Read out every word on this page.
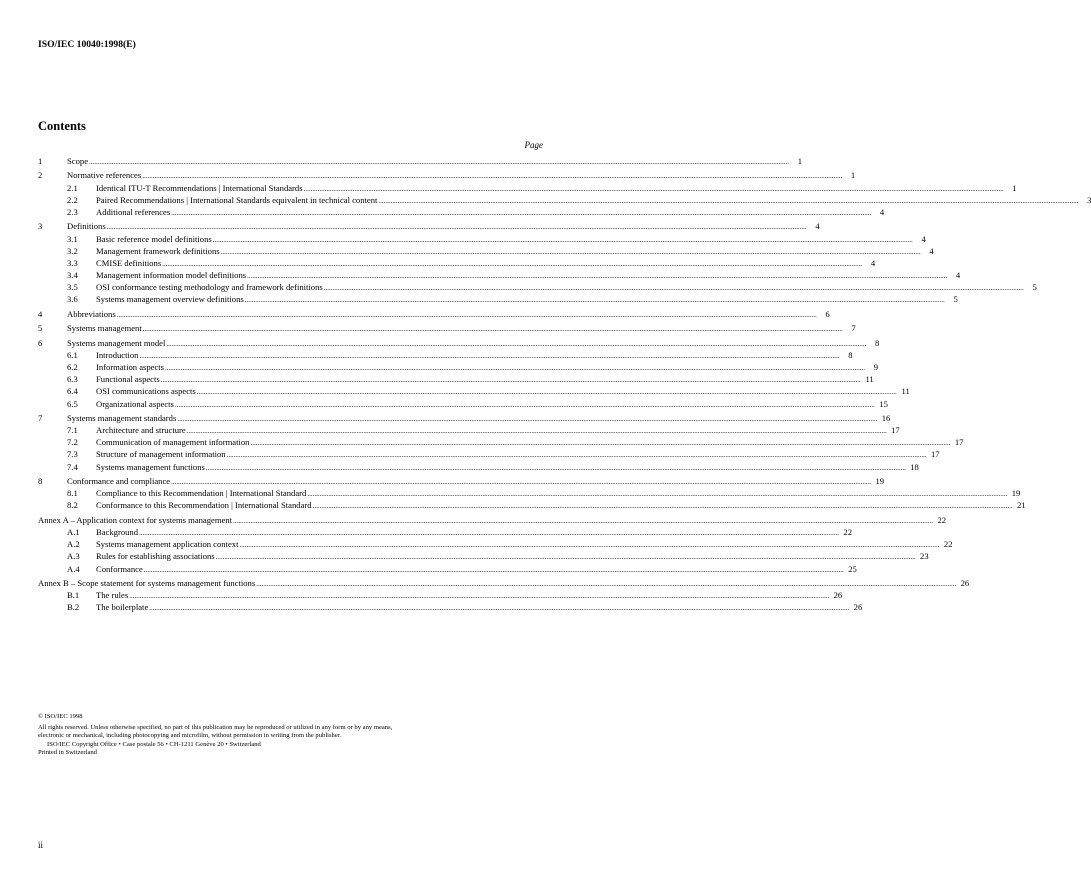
ISO/IEC 10040:1998(E)
Contents
Page
1	Scope ................................................................................................................................................................................................................................................................................................................................................................................................................	1
2	Normative references ................................................................................................................................................................................................................................................................................................................................................................................................................	1
2.1	Identical ITU-T Recommendations | International Standards ................................................................................................................................................................................................................................................................................................................................................................................................................	1
2.2	Paired Recommendations | International Standards equivalent in technical content ................................................................................................................................................................................................................................................................................................................................................................................................................	3
2.3	Additional references ................................................................................................................................................................................................................................................................................................................................................................................................................	4
3	Definitions ................................................................................................................................................................................................................................................................................................................................................................................................................	4
3.1	Basic reference model definitions ................................................................................................................................................................................................................................................................................................................................................................................................................	4
3.2	Management framework definitions ................................................................................................................................................................................................................................................................................................................................................................................................................	4
3.3	CMISE definitions ................................................................................................................................................................................................................................................................................................................................................................................................................	4
3.4	Management information model definitions ................................................................................................................................................................................................................................................................................................................................................................................................................	4
3.5	OSI conformance testing methodology and framework definitions ................................................................................................................................................................................................................................................................................................................................................................................................................	5
3.6	Systems management overview definitions ................................................................................................................................................................................................................................................................................................................................................................................................................	5
4	Abbreviations ................................................................................................................................................................................................................................................................................................................................................................................................................	6
5	Systems management ................................................................................................................................................................................................................................................................................................................................................................................................................	7
6	Systems management model ................................................................................................................................................................................................................................................................................................................................................................................................................	8
6.1	Introduction ................................................................................................................................................................................................................................................................................................................................................................................................................	8
6.2	Information aspects ................................................................................................................................................................................................................................................................................................................................................................................................................	9
6.3	Functional aspects ................................................................................................................................................................................................................................................................................................................................................................................................................ 11
6.4	OSI communications aspects ................................................................................................................................................................................................................................................................................................................................................................................................................ 11
6.5	Organizational aspects ................................................................................................................................................................................................................................................................................................................................................................................................................ 15
7	Systems management standards ................................................................................................................................................................................................................................................................................................................................................................................................................ 16
7.1	Architecture and structure ................................................................................................................................................................................................................................................................................................................................................................................................................ 17
7.2	Communication of management information ................................................................................................................................................................................................................................................................................................................................................................................................................ 17
7.3	Structure of management information ................................................................................................................................................................................................................................................................................................................................................................................................................ 17
7.4	Systems management functions ................................................................................................................................................................................................................................................................................................................................................................................................................ 18
8	Conformance and compliance ................................................................................................................................................................................................................................................................................................................................................................................................................ 19
8.1	Compliance to this Recommendation | International Standard ................................................................................................................................................................................................................................................................................................................................................................................................................ 19
8.2	Conformance to this Recommendation | International Standard ................................................................................................................................................................................................................................................................................................................................................................................................................ 21
Annex A – Application context for systems management ................................................................................................................................................................................................................................................................................................................................................................................................................ 22
A.1	Background ................................................................................................................................................................................................................................................................................................................................................................................................................ 22
A.2	Systems management application context ................................................................................................................................................................................................................................................................................................................................................................................................................ 22
A.3	Rules for establishing associations ................................................................................................................................................................................................................................................................................................................................................................................................................ 23
A.4	Conformance ................................................................................................................................................................................................................................................................................................................................................................................................................ 25
Annex B – Scope statement for systems management functions ................................................................................................................................................................................................................................................................................................................................................................................................................ 26
B.1	The rules ................................................................................................................................................................................................................................................................................................................................................................................................................ 26
B.2	The boilerplate ................................................................................................................................................................................................................................................................................................................................................................................................................ 26

© ISO/IEC 1998

All rights reserved. Unless otherwise specified, no part of this publication may be reproduced or utilized in any form or by any means, electronic or mechanical, including photocopying and microfilm, without permission in writing from the publisher.

ISO/IEC Copyright Office • Case postale 56 • CH-1211 Genève 20 • Switzerland

Printed in Switzerland

ii
